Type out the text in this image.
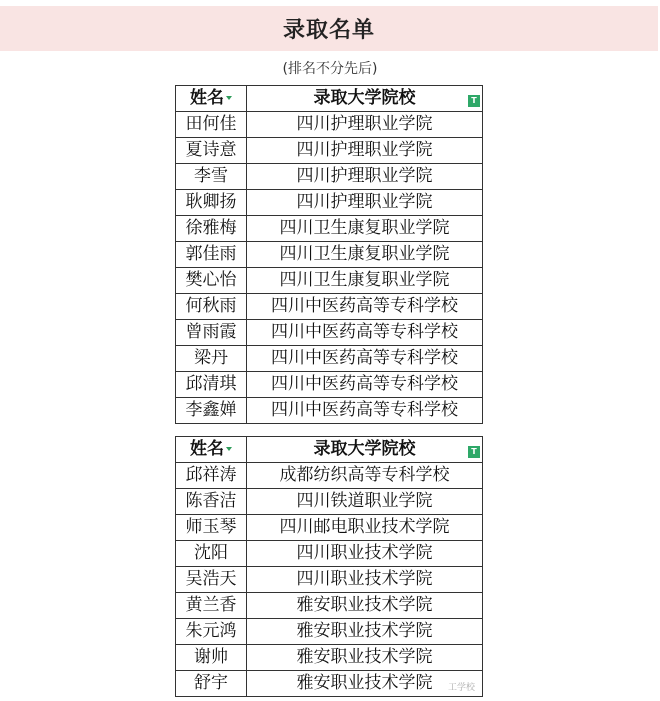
录取名单
(排名不分先后)
姓名	录取大学院校 T

田何佳	四川护理职业学院
夏诗意	四川护理职业学院
李雪	四川护理职业学院
耿卿扬	四川护理职业学院
徐雅梅	四川卫生康复职业学院
郭佳雨	四川卫生康复职业学院
樊心怡	四川卫生康复职业学院
何秋雨	四川中医药高等专科学校
曾雨霞	四川中医药高等专科学校
梁丹	四川中医药高等专科学校
邱清琪	四川中医药高等专科学校
李鑫婵	四川中医药高等专科学校
姓名	录取大学院校 T

邱祥涛	成都纺织高等专科学校
陈香洁	四川铁道职业学院
师玉琴	四川邮电职业技术学院
沈阳	四川职业技术学院
吴浩天	四川职业技术学院
黄兰香	雅安职业技术学院
朱元鸿	雅安职业技术学院
谢帅	雅安职业技术学院
舒宇	雅安职业技术学院 工学校
